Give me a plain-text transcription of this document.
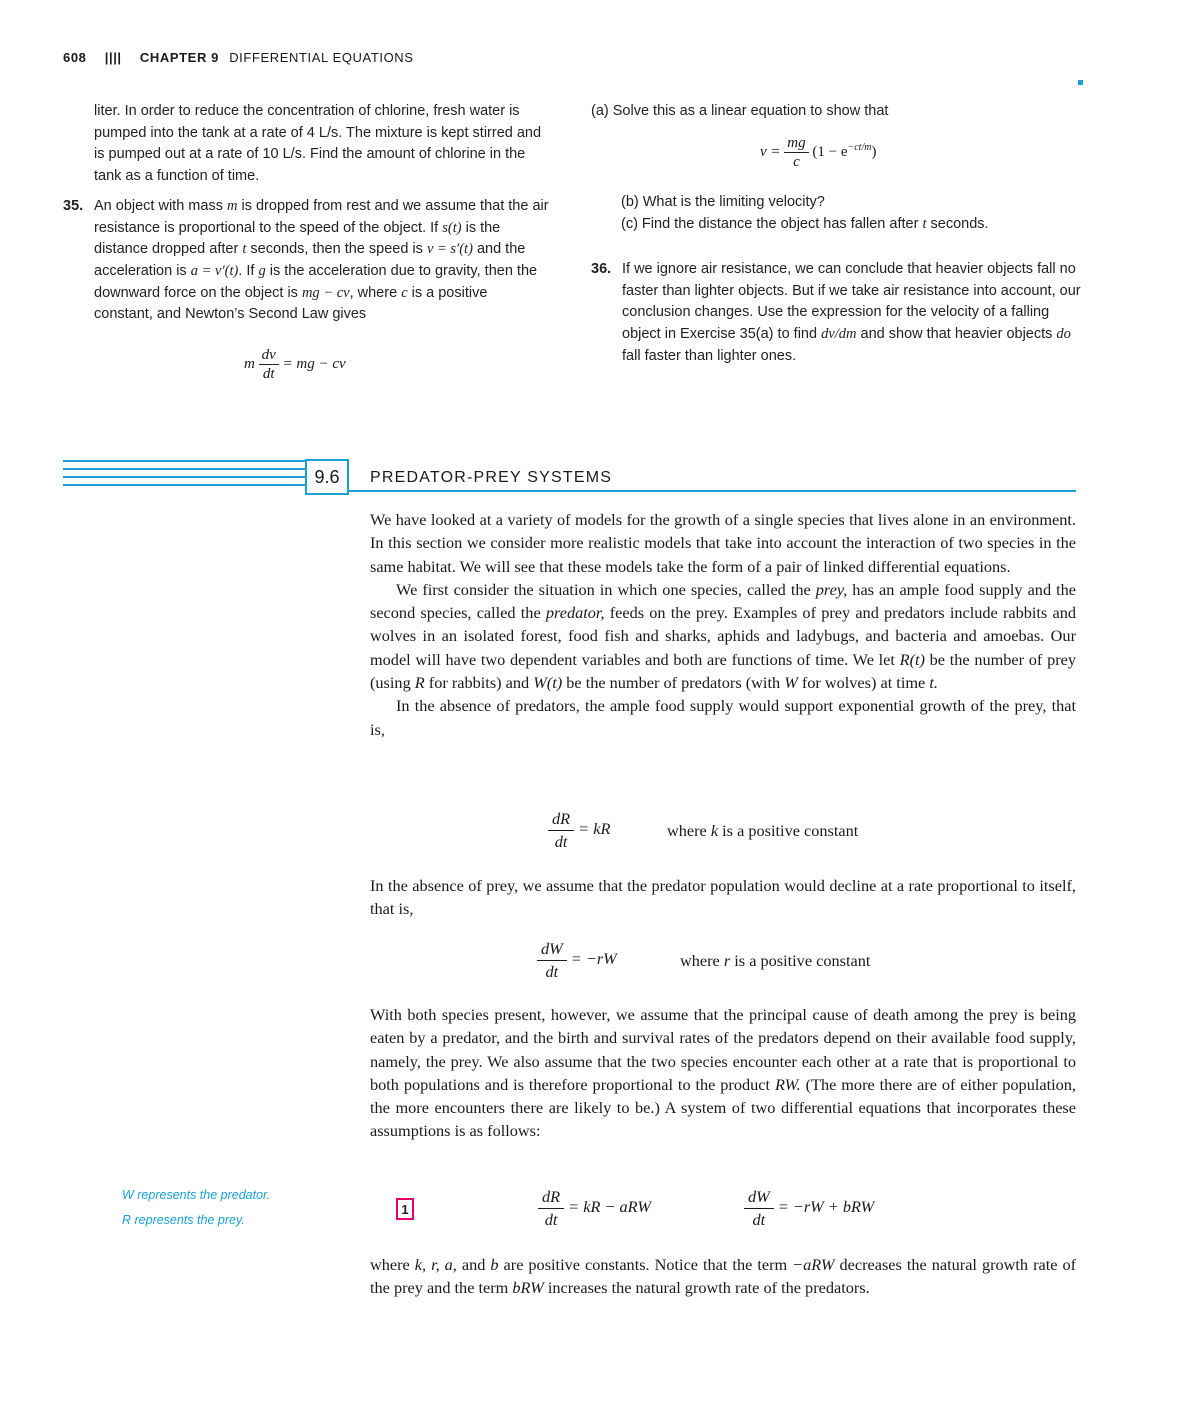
608 |||| CHAPTER 9 DIFFERENTIAL EQUATIONS

liter. In order to reduce the concentration of chlorine, fresh water is pumped into the tank at a rate of 4 L/s. The mixture is kept stirred and is pumped out at a rate of 10 L/s. Find the amount of chlorine in the tank as a function of time.

35. An object with mass m is dropped from rest and we assume that the air resistance is proportional to the speed of the object. If s(t) is the distance dropped after t seconds, then the speed is v = s′(t) and the acceleration is a = v′(t). If g is the acceleration due to gravity, then the downward force on the object is mg − cv, where c is a positive constant, and Newton’s Second Law gives

m $\frac{dv}{dt}$ = mg − cv

(a) Solve this as a linear equation to show that

$v = \frac{mg}{c} (1 - e^{-ct/m})$

(b) What is the limiting velocity?

(c) Find the distance the object has fallen after t seconds.

36. If we ignore air resistance, we can conclude that heavier objects fall no faster than lighter objects. But if we take air resistance into account, our conclusion changes. Use the expression for the velocity of a falling object in Exercise 35(a) to find dv/dm and show that heavier objects do fall faster than lighter ones.

9.6	PREDATOR-PREY SYSTEMS

We have looked at a variety of models for the growth of a single species that lives alone in an environment. In this section we consider more realistic models that take into account the interaction of two species in the same habitat. We will see that these models take the form of a pair of linked differential equations.

We first consider the situation in which one species, called the prey, has an ample food supply and the second species, called the predator, feeds on the prey. Examples of prey and predators include rabbits and wolves in an isolated forest, food fish and sharks, aphids and ladybugs, and bacteria and amoebas. Our model will have two dependent variables and both are functions of time. We let R(t) be the number of prey (using R for rabbits) and W(t) be the number of predators (with W for wolves) at time t.

In the absence of predators, the ample food supply would support exponential growth of the prey, that is,

$\frac{dR}{dt}$ = kR	where k is a positive constant
In the absence of prey, we assume that the predator population would decline at a rate proportional to itself, that is,
$\frac{dW}{dt} = -rW$	where r is a positive constant
With both species present, however, we assume that the principal cause of death among the prey is being eaten by a predator, and the birth and survival rates of the predators depend on their available food supply, namely, the prey. We also assume that the two species encounter each other at a rate that is proportional to both populations and is therefore proportional to the product RW. (The more there are of either population, the more encounters there are likely to be.) A system of two differential equations that incorporates these assumptions is as follows:
W represents the predator.
R represents the prey.
1	$\frac{dR}{dt}$ = kR − aRW	$\frac{dW}{dt} = -rW$ + bRW
where k, r, a, and b are positive constants. Notice that the term −aRW decreases the natural growth rate of the prey and the term bRW increases the natural growth rate of the predators.
